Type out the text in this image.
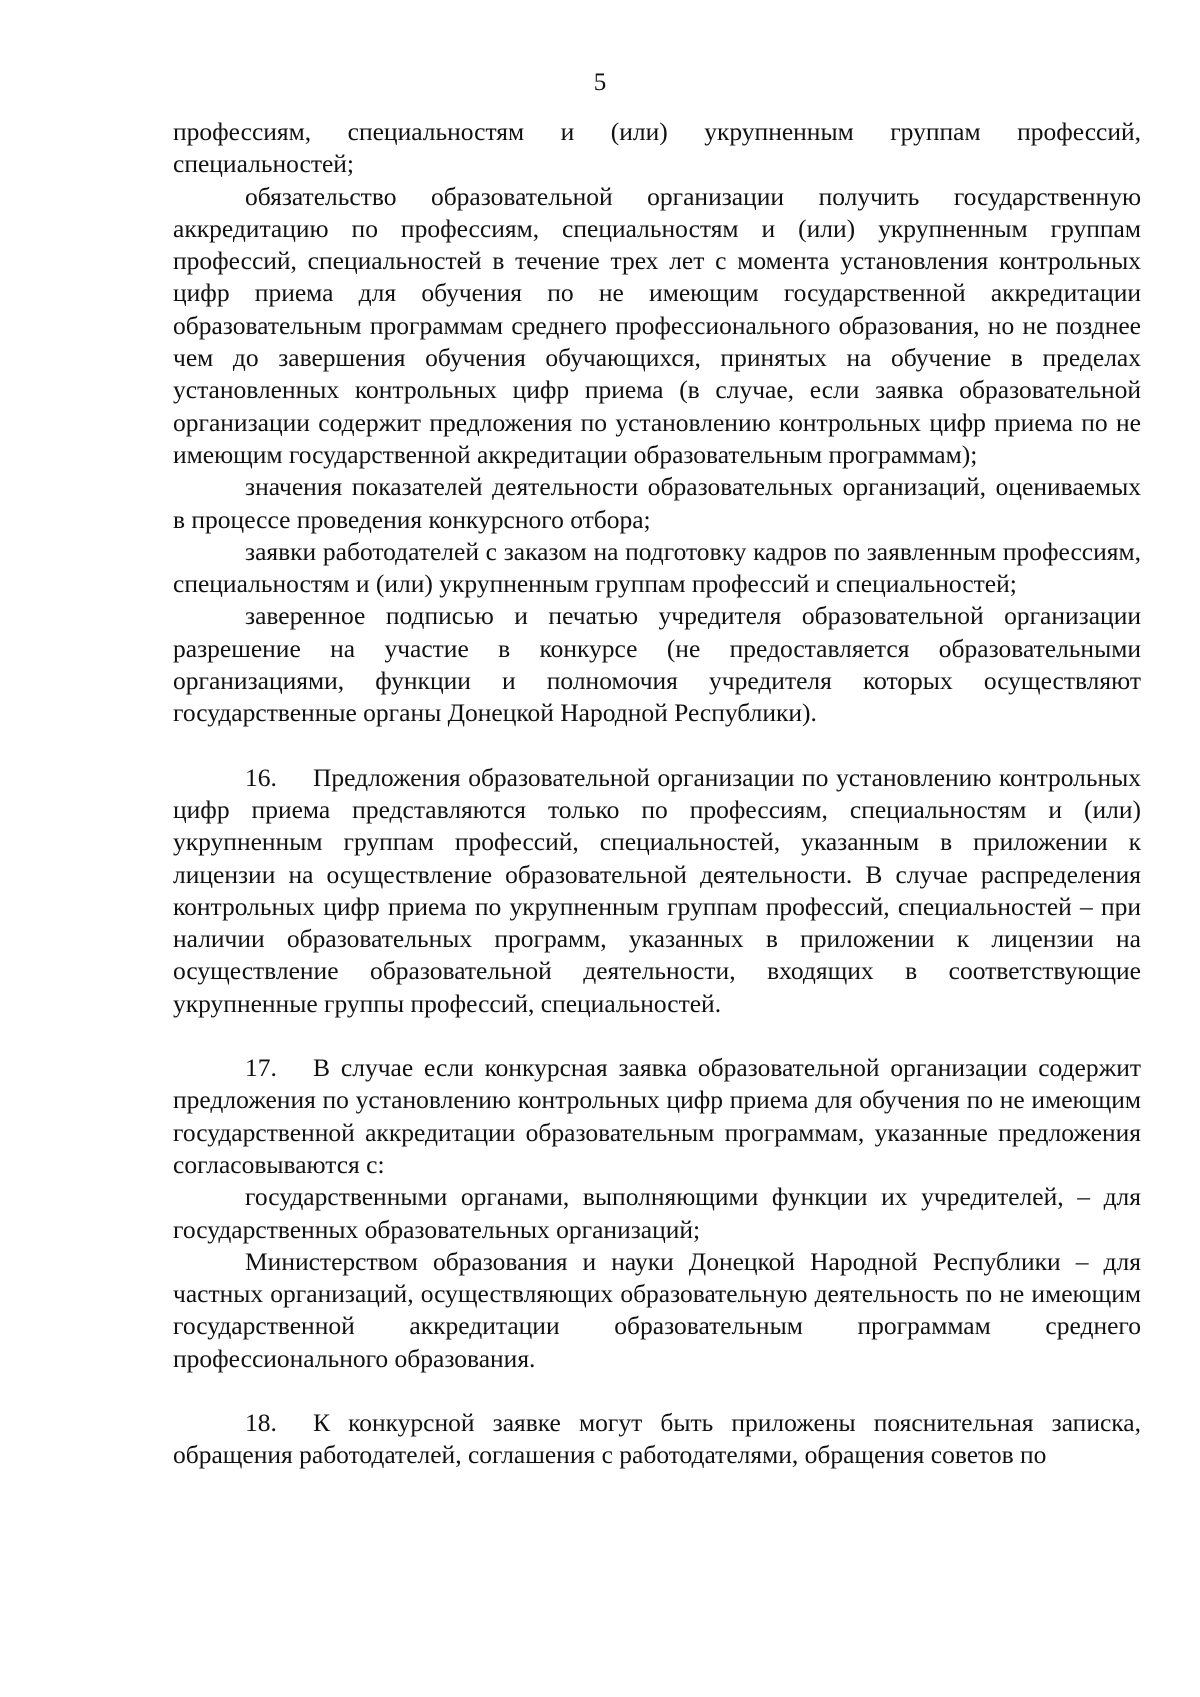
5

профессиям, специальностям и (или) укрупненным группам профессий, специальностей;

обязательство образовательной организации получить государственную аккредитацию по профессиям, специальностям и (или) укрупненным группам профессий, специальностей в течение трех лет с момента установления контрольных цифр приема для обучения по не имеющим государственной аккредитации образовательным программам среднего профессионального образования, но не позднее чем до завершения обучения обучающихся, принятых на обучение в пределах установленных контрольных цифр приема (в случае, если заявка образовательной организации содержит предложения по установлению контрольных цифр приема по не имеющим государственной аккредитации образовательным программам);

значения показателей деятельности образовательных организаций, оцениваемых в процессе проведения конкурсного отбора;

заявки работодателей с заказом на подготовку кадров по заявленным профессиям, специальностям и (или) укрупненным группам профессий и специальностей;

заверенное подписью и печатью учредителя образовательной организации разрешение на участие в конкурсе (не предоставляется образовательными организациями, функции и полномочия учредителя которых осуществляют государственные органы Донецкой Народной Республики).

16. Предложения образовательной организации по установлению контрольных цифр приема представляются только по профессиям, специальностям и (или) укрупненным группам профессий, специальностей, указанным в приложении к лицензии на осуществление образовательной деятельности. В случае распределения контрольных цифр приема по укрупненным группам профессий, специальностей – при наличии образовательных программ, указанных в приложении к лицензии на осуществление образовательной деятельности, входящих в соответствующие укрупненные группы профессий, специальностей.

17. В случае если конкурсная заявка образовательной организации содержит предложения по установлению контрольных цифр приема для обучения по не имеющим государственной аккредитации образовательным программам, указанные предложения согласовываются с:

государственными органами, выполняющими функции их учредителей, – для государственных образовательных организаций;

Министерством образования и науки Донецкой Народной Республики – для частных организаций, осуществляющих образовательную деятельность по не имеющим государственной аккредитации образовательным программам среднего профессионального образования.

18. К конкурсной заявке могут быть приложены пояснительная записка, обращения работодателей, соглашения с работодателями, обращения советов по
